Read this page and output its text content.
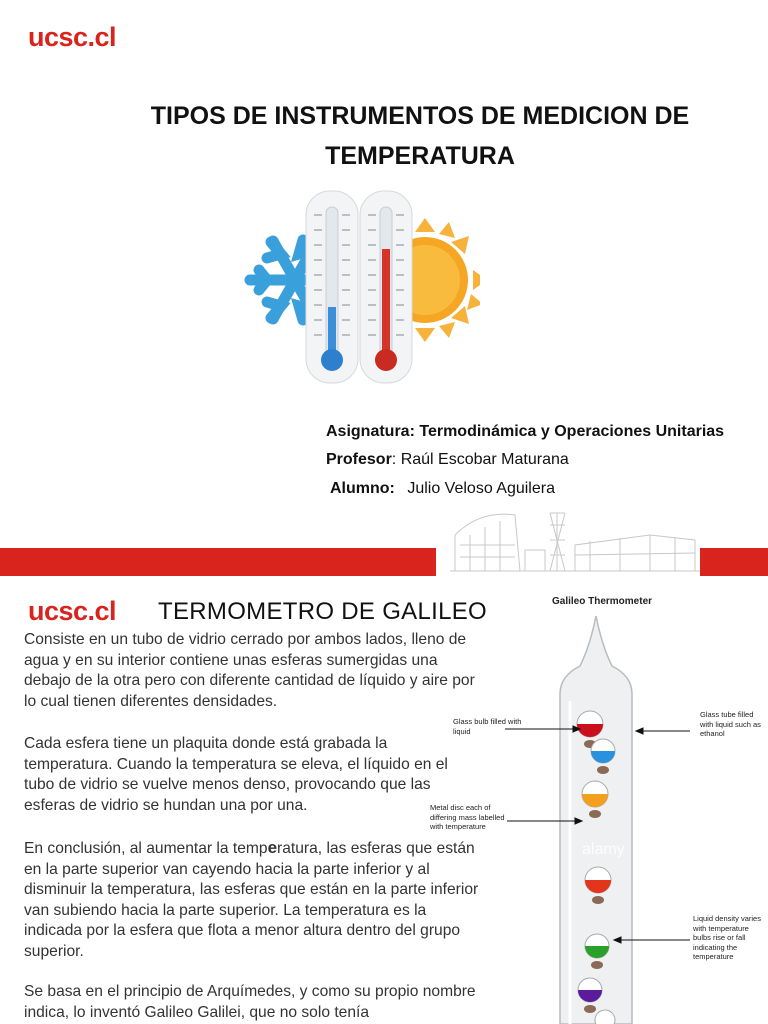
ucsc.cl
TIPOS DE INSTRUMENTOS DE MEDICION DE
TEMPERATURA
Asignatura: Termodinámica y Operaciones Unitarias
Profesor: Raúl Escobar Maturana
Alumno: Julio Veloso Aguilera
ucsc.cl TERMOMETRO DE GALILEO
Consiste en un tubo de vidrio cerrado por ambos lados, lleno de agua y en su interior contiene unas esferas sumergidas una debajo de la otra pero con diferente cantidad de líquido y aire por lo cual tienen diferentes densidades.
Cada esfera tiene un plaquita donde está grabada la temperatura. Cuando la temperatura se eleva, el líquido en el tubo de vidrio se vuelve menos denso, provocando que las esferas de vidrio se hundan una por una.
En conclusión, al aumentar la temperatura, las esferas que están en la parte superior van cayendo hacia la parte inferior y al disminuir la temperatura, las esferas que están en la parte inferior van subiendo hacia la parte superior. La temperatura es la indicada por la esfera que flota a menor altura dentro del grupo superior.
Se basa en el principio de Arquímedes, y como su propio nombre indica, lo inventó Galileo Galilei, que no solo tenía
Galileo Thermometer
alamy
Glass bulb filled with liquid
Glass tube filled with liquid such as ethanol
Metal disc each of differing mass labelled with temperature
Liquid density varies with temperature bulbs rise or fall indicating the temperature
